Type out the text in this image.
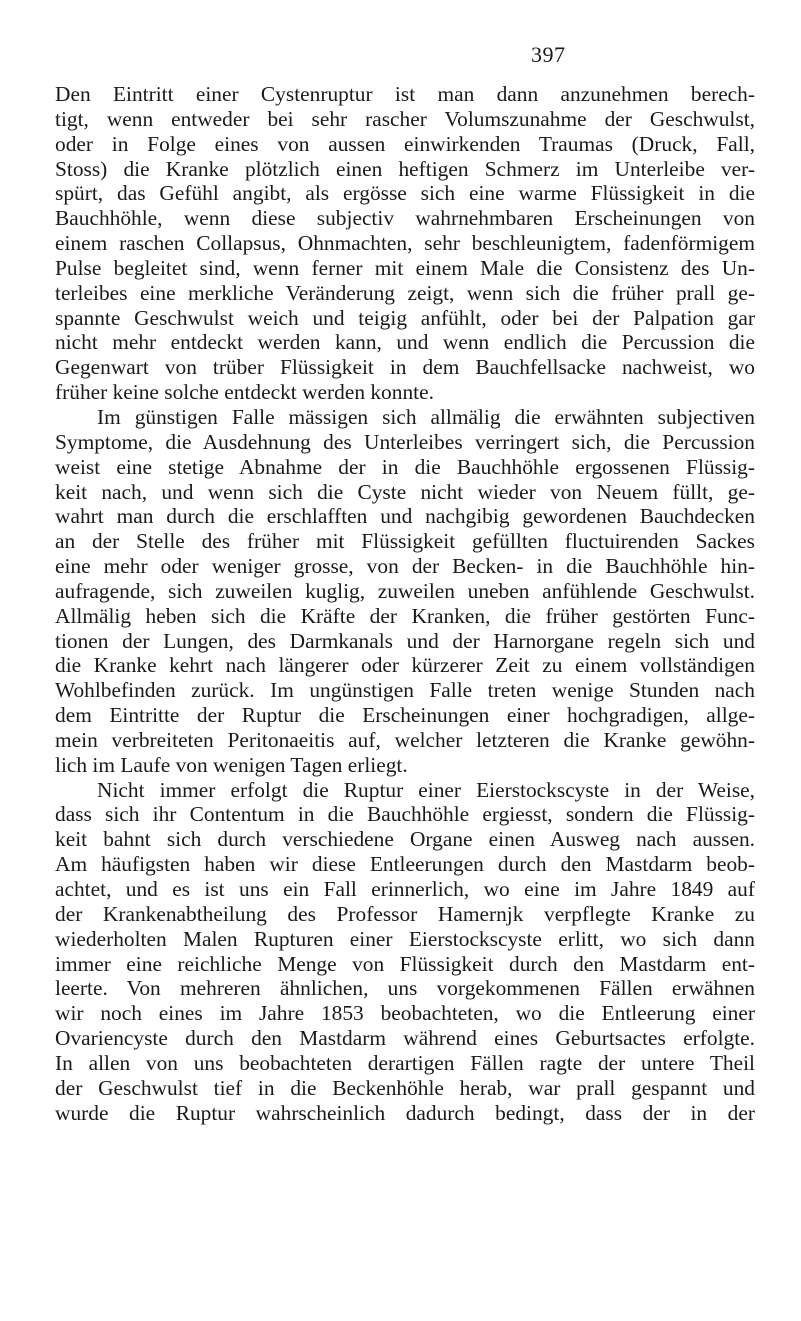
397
Den Eintritt einer Cystenruptur ist man dann anzunehmen berech-
tigt, wenn entweder bei sehr rascher Volumszunahme der Geschwulst,
oder in Folge eines von aussen einwirkenden Traumas (Druck, Fall,
Stoss) die Kranke plötzlich einen heftigen Schmerz im Unterleibe ver-
spürt, das Gefühl angibt, als ergösse sich eine warme Flüssigkeit in die
Bauchhöhle, wenn diese subjectiv wahrnehmbaren Erscheinungen von
einem raschen Collapsus, Ohnmachten, sehr beschleunigtem, fadenförmigem
Pulse begleitet sind, wenn ferner mit einem Male die Consistenz des Un-
terleibes eine merkliche Veränderung zeigt, wenn sich die früher prall ge-
spannte Geschwulst weich und teigig anfühlt, oder bei der Palpation gar
nicht mehr entdeckt werden kann, und wenn endlich die Percussion die
Gegenwart von trüber Flüssigkeit in dem Bauchfellsacke nachweist, wo
früher keine solche entdeckt werden konnte.
Im günstigen Falle mässigen sich allmälig die erwähnten subjectiven
Symptome, die Ausdehnung des Unterleibes verringert sich, die Percussion
weist eine stetige Abnahme der in die Bauchhöhle ergossenen Flüssig-
keit nach, und wenn sich die Cyste nicht wieder von Neuem füllt, ge-
wahrt man durch die erschlafften und nachgibig gewordenen Bauchdecken
an der Stelle des früher mit Flüssigkeit gefüllten fluctuirenden Sackes
eine mehr oder weniger grosse, von der Becken- in die Bauchhöhle hin-
aufragende, sich zuweilen kuglig, zuweilen uneben anfühlende Geschwulst.
Allmälig heben sich die Kräfte der Kranken, die früher gestörten Func-
tionen der Lungen, des Darmkanals und der Harnorgane regeln sich und
die Kranke kehrt nach längerer oder kürzerer Zeit zu einem vollständigen
Wohlbefinden zurück. Im ungünstigen Falle treten wenige Stunden nach
dem Eintritte der Ruptur die Erscheinungen einer hochgradigen, allge-
mein verbreiteten Peritonaeitis auf, welcher letzteren die Kranke gewöhn-
lich im Laufe von wenigen Tagen erliegt.
Nicht immer erfolgt die Ruptur einer Eierstockscyste in der Weise,
dass sich ihr Contentum in die Bauchhöhle ergiesst, sondern die Flüssig-
keit bahnt sich durch verschiedene Organe einen Ausweg nach aussen.
Am häufigsten haben wir diese Entleerungen durch den Mastdarm beob-
achtet, und es ist uns ein Fall erinnerlich, wo eine im Jahre 1849 auf
der Krankenabtheilung des Professor Hamernjk verpflegte Kranke zu
wiederholten Malen Rupturen einer Eierstockscyste erlitt, wo sich dann
immer eine reichliche Menge von Flüssigkeit durch den Mastdarm ent-
leerte. Von mehreren ähnlichen, uns vorgekommenen Fällen erwähnen
wir noch eines im Jahre 1853 beobachteten, wo die Entleerung einer
Ovariencyste durch den Mastdarm während eines Geburtsactes erfolgte.
In allen von uns beobachteten derartigen Fällen ragte der untere Theil
der Geschwulst tief in die Beckenhöhle herab, war prall gespannt und
wurde die Ruptur wahrscheinlich dadurch bedingt, dass der in der
